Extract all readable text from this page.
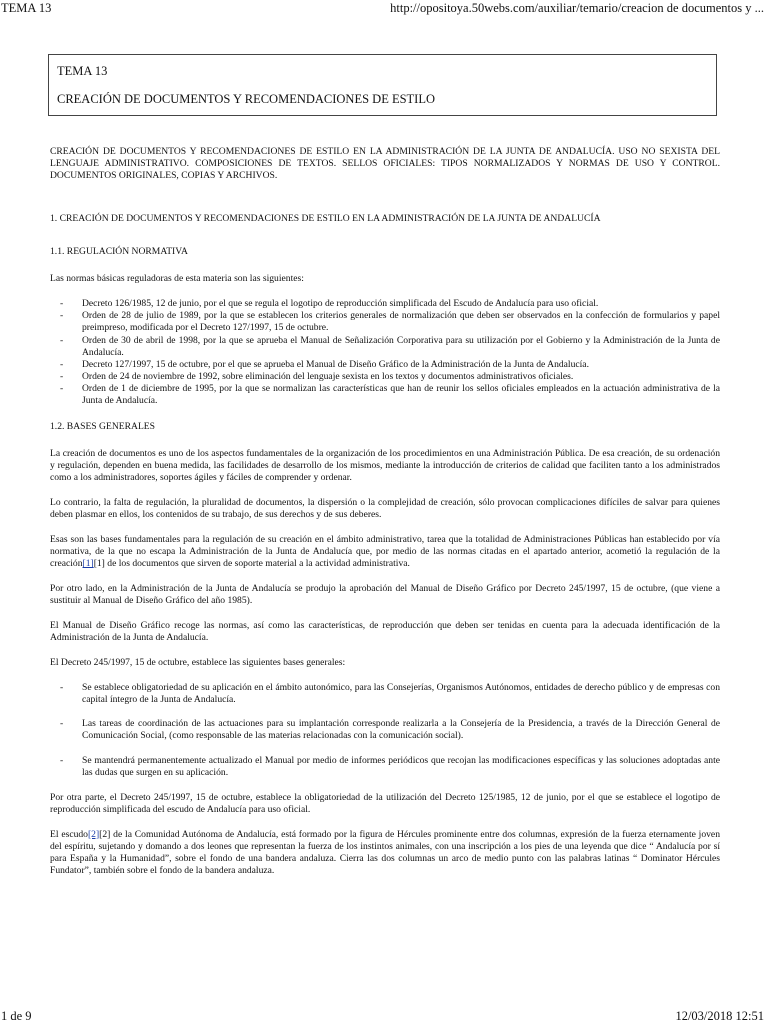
TEMA 13	http://opositoya.50webs.com/auxiliar/temario/creacion de documentos y ...
TEMA 13
CREACIÓN DE DOCUMENTOS Y RECOMENDACIONES DE ESTILO

CREACIÓN DE DOCUMENTOS Y RECOMENDACIONES DE ESTILO EN LA ADMINISTRACIÓN DE LA JUNTA DE ANDALUCÍA. USO NO SEXISTA DEL LENGUAJE ADMINISTRATIVO. COMPOSICIONES DE TEXTOS. SELLOS OFICIALES: TIPOS NORMALIZADOS Y NORMAS DE USO Y CONTROL. DOCUMENTOS ORIGINALES, COPIAS Y ARCHIVOS.

1. CREACIÓN DE DOCUMENTOS Y RECOMENDACIONES DE ESTILO EN LA ADMINISTRACIÓN DE LA JUNTA DE ANDALUCÍA

1.1. REGULACIÓN NORMATIVA

Las normas básicas reguladoras de esta materia son las siguientes:

- Decreto 126/1985, 12 de junio, por el que se regula el logotipo de reproducción simplificada del Escudo de Andalucía para uso oficial.
- Orden de 28 de julio de 1989, por la que se establecen los criterios generales de normalización que deben ser observados en la confección de formularios y papel preimpreso, modificada por el Decreto 127/1997, 15 de octubre.
- Orden de 30 de abril de 1998, por la que se aprueba el Manual de Señalización Corporativa para su utilización por el Gobierno y la Administración de la Junta de Andalucía.
- Decreto 127/1997, 15 de octubre, por el que se aprueba el Manual de Diseño Gráfico de la Administración de la Junta de Andalucía.
- Orden de 24 de noviembre de 1992, sobre eliminación del lenguaje sexista en los textos y documentos administrativos oficiales.
- Orden de 1 de diciembre de 1995, por la que se normalizan las características que han de reunir los sellos oficiales empleados en la actuación administrativa de la Junta de Andalucía.

1.2. BASES GENERALES

La creación de documentos es uno de los aspectos fundamentales de la organización de los procedimientos en una Administración Pública. De esa creación, de su ordenación y regulación, dependen en buena medida, las facilidades de desarrollo de los mismos, mediante la introducción de criterios de calidad que faciliten tanto a los administrados como a los administradores, soportes ágiles y fáciles de comprender y ordenar.

Lo contrario, la falta de regulación, la pluralidad de documentos, la dispersión o la complejidad de creación, sólo provocan complicaciones difíciles de salvar para quienes deben plasmar en ellos, los contenidos de su trabajo, de sus derechos y de sus deberes.

Esas son las bases fundamentales para la regulación de su creación en el ámbito administrativo, tarea que la totalidad de Administraciones Públicas han establecido por vía normativa, de la que no escapa la Administración de la Junta de Andalucía que, por medio de las normas citadas en el apartado anterior, acometió la regulación de la creación[1][1] de los documentos que sirven de soporte material a la actividad administrativa.

Por otro lado, en la Administración de la Junta de Andalucía se produjo la aprobación del Manual de Diseño Gráfico por Decreto 245/1997, 15 de octubre, (que viene a sustituir al Manual de Diseño Gráfico del año 1985).

El Manual de Diseño Gráfico recoge las normas, así como las características, de reproducción que deben ser tenidas en cuenta para la adecuada identificación de la Administración de la Junta de Andalucía.

El Decreto 245/1997, 15 de octubre, establece las siguientes bases generales:

- Se establece obligatoriedad de su aplicación en el ámbito autonómico, para las Consejerías, Organismos Autónomos, entidades de derecho público y de empresas con capital íntegro de la Junta de Andalucía.
- Las tareas de coordinación de las actuaciones para su implantación corresponde realizarla a la Consejería de la Presidencia, a través de la Dirección General de Comunicación Social, (como responsable de las materias relacionadas con la comunicación social).
- Se mantendrá permanentemente actualizado el Manual por medio de informes periódicos que recojan las modificaciones específicas y las soluciones adoptadas ante las dudas que surgen en su aplicación.

Por otra parte, el Decreto 245/1997, 15 de octubre, establece la obligatoriedad de la utilización del Decreto 125/1985, 12 de junio, por el que se establece el logotipo de reproducción simplificada del escudo de Andalucía para uso oficial.

El escudo[2][2] de la Comunidad Autónoma de Andalucía, está formado por la figura de Hércules prominente entre dos columnas, expresión de la fuerza eternamente joven del espíritu, sujetando y domando a dos leones que representan la fuerza de los instintos animales, con una inscripción a los pies de una leyenda que dice “ Andalucía por sí para España y la Humanidad”, sobre el fondo de una bandera andaluza. Cierra las dos columnas un arco de medio punto con las palabras latinas “ Dominator Hércules Fundator”, también sobre el fondo de la bandera andaluza.

1 de 9	12/03/2018 12:51
